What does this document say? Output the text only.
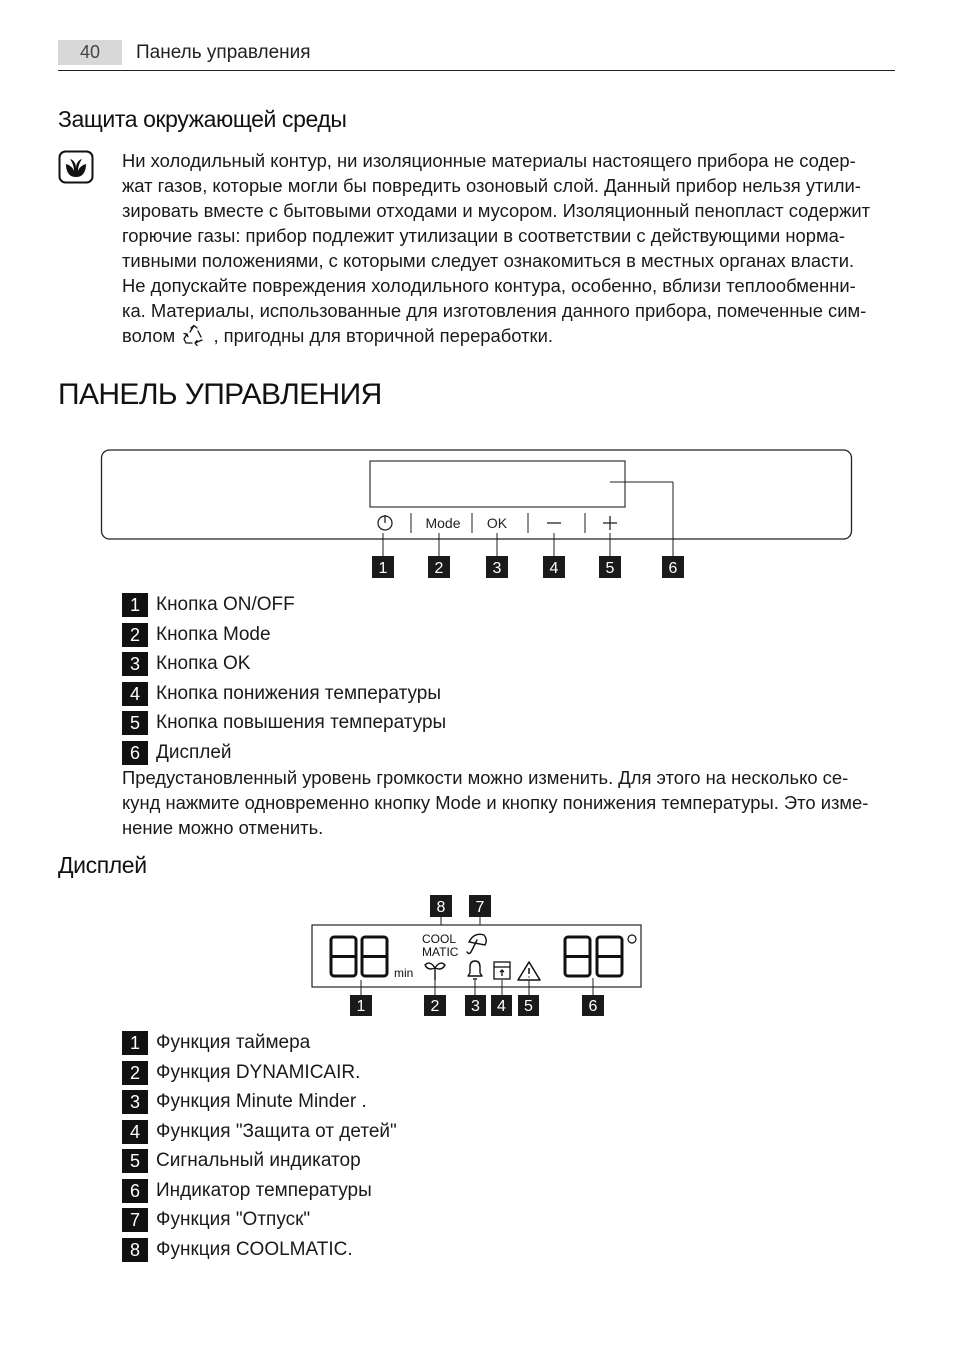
40	Панель управления
Защита окружающей среды
Ни холодильный контур, ни изоляционные материалы настоящего прибора не содер-
жат газов, которые могли бы повредить озоновый слой. Данный прибор нельзя утили-
зировать вместе с бытовыми отходами и мусором. Изоляционный пенопласт содержит
горючие газы: прибор подлежит утилизации в соответствии с действующими норма-
тивными положениями, с которыми следует ознакомиться в местных органах власти.
Не допускайте повреждения холодильного контура, особенно, вблизи теплообменни-
ка. Материалы, использованные для изготовления данного прибора, помеченные сим-
волом , пригодны для вторичной переработки.
ПАНЕЛЬ УПРАВЛЕНИЯ
Mode OK
1	2	3	4	5	6
1 Кнопка ON/OFF
2 Кнопка Mode
3 Кнопка OK
4 Кнопка понижения температуры
5 Кнопка повышения температуры
6 Дисплей
Предустановленный уровень громкости можно изменить. Для этого на несколько се-
кунд нажмите одновременно кнопку Mode и кнопку понижения температуры. Это изме-
нение можно отменить.
Дисплей
8 7
min
COOL
MATIC
1	2 3 4 5	6
1 Функция таймера
2 Функция DYNAMICAIR.
3 Функция Minute Minder .
4 Функция "Защита от детей"
5 Сигнальный индикатор
6 Индикатор температуры
7 Функция "Отпуск"
8 Функция COOLMATIC.
